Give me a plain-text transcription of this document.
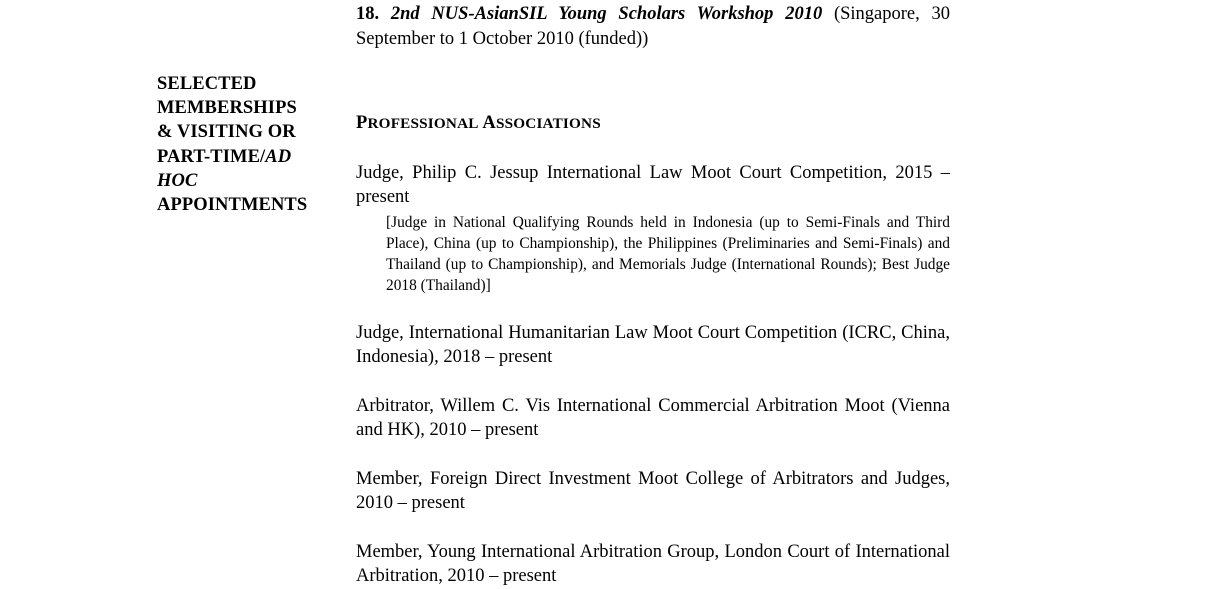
SELECTED
MEMBERSHIPS
& VISITING OR
PART-TIME/AD
HOC
APPOINTMENTS
18. 2nd NUS-AsianSIL Young Scholars Workshop 2010 (Singapore, 30 September to 1 October 2010 (funded))
PROFESSIONAL ASSOCIATIONS
Judge, Philip C. Jessup International Law Moot Court Competition, 2015 – present
[Judge in National Qualifying Rounds held in Indonesia (up to Semi-Finals and Third Place), China (up to Championship), the Philippines (Preliminaries and Semi-Finals) and Thailand (up to Championship), and Memorials Judge (International Rounds); Best Judge 2018 (Thailand)]
Judge, International Humanitarian Law Moot Court Competition (ICRC, China, Indonesia), 2018 – present
Arbitrator, Willem C. Vis International Commercial Arbitration Moot (Vienna and HK), 2010 – present
Member, Foreign Direct Investment Moot College of Arbitrators and Judges, 2010 – present
Member, Young International Arbitration Group, London Court of International Arbitration, 2010 – present
